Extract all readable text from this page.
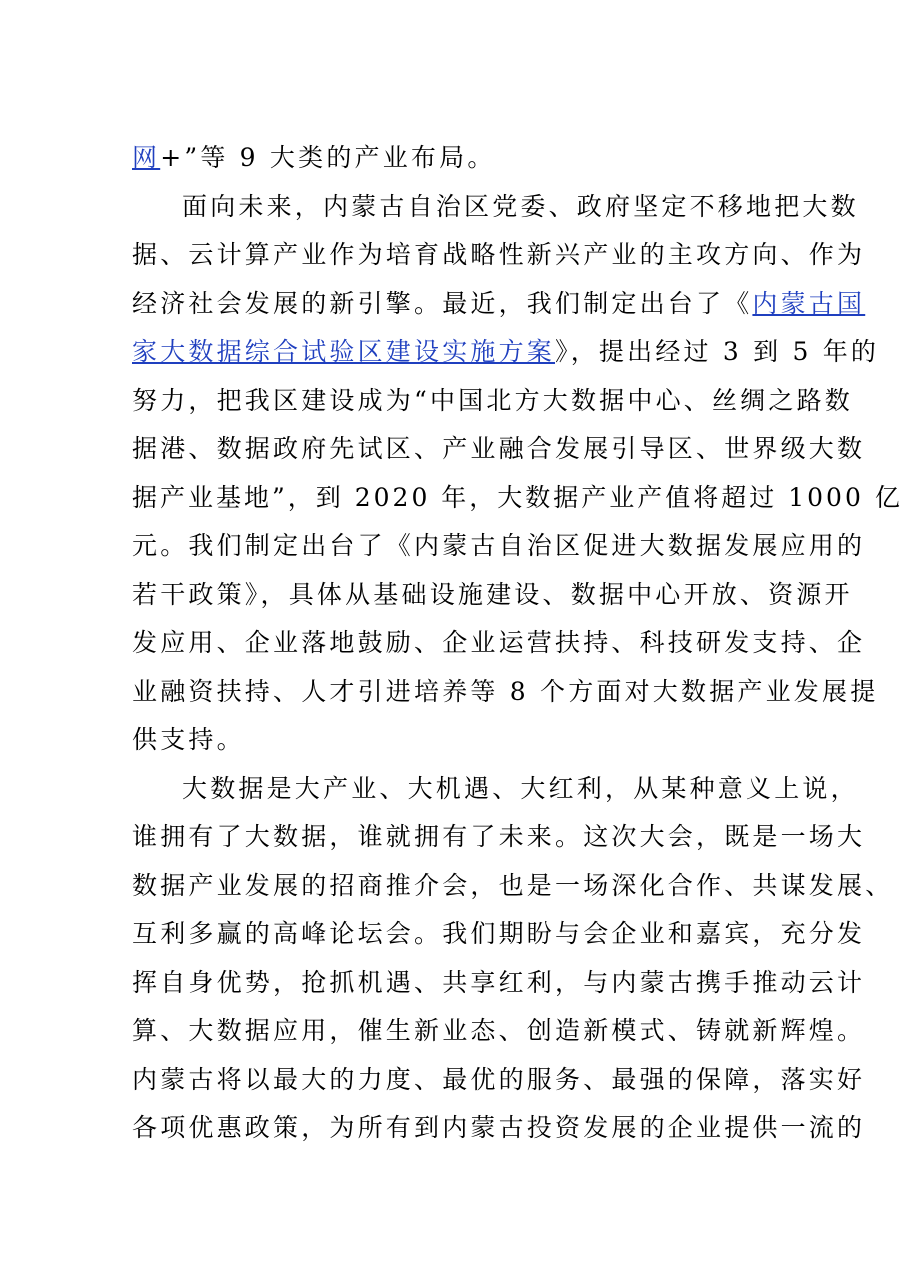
网+”等 9 大类的产业布局。
面向未来，内蒙古自治区党委、政府坚定不移地把大数
据、云计算产业作为培育战略性新兴产业的主攻方向、作为
经济社会发展的新引擎。最近，我们制定出台了《内蒙古国
家大数据综合试验区建设实施方案》，提出经过 3 到 5 年的
努力，把我区建设成为“中国北方大数据中心、丝绸之路数
据港、数据政府先试区、产业融合发展引导区、世界级大数
据产业基地”，到 2020 年，大数据产业产值将超过 1000 亿
元。我们制定出台了《内蒙古自治区促进大数据发展应用的
若干政策》，具体从基础设施建设、数据中心开放、资源开
发应用、企业落地鼓励、企业运营扶持、科技研发支持、企
业融资扶持、人才引进培养等 8 个方面对大数据产业发展提
供支持。
大数据是大产业、大机遇、大红利，从某种意义上说，
谁拥有了大数据，谁就拥有了未来。这次大会，既是一场大
数据产业发展的招商推介会，也是一场深化合作、共谋发展、
互利多赢的高峰论坛会。我们期盼与会企业和嘉宾，充分发
挥自身优势，抢抓机遇、共享红利，与内蒙古携手推动云计
算、大数据应用，催生新业态、创造新模式、铸就新辉煌。
内蒙古将以最大的力度、最优的服务、最强的保障，落实好
各项优惠政策，为所有到内蒙古投资发展的企业提供一流的
